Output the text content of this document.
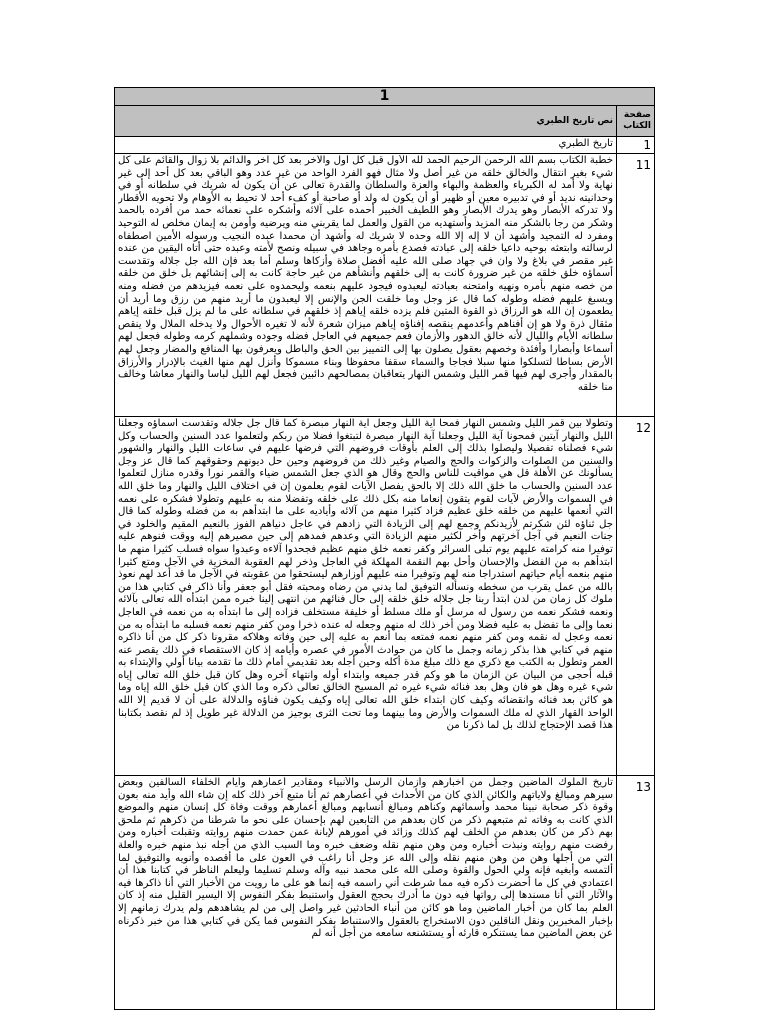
1	
صفحة الكتاب	نص تاريخ الطبري
1	تاريخ الطبري
11	خطبة الكتاب بسم الله الرحمن الرحيم الحمد لله الأول قبل كل أول والآخر بعد كل آخر والدائم بلا زوال والقائم على كل شيء بغير انتقال والخالق خلقه من غير أصل ولا مثال فهو الفرد الواحد من غير عدد وهو الباقي بعد كل أحد إلى غير نهاية ولا أمد له الكبرياء والعظمة والبهاء والعزة والسلطان والقدرة تعالى عن أن يكون له شريك في سلطانه أو في وحدانيته نديد أو في تدبيره معين أو ظهير أو أن يكون له ولد أو صاحبة أو كفء أحد لا تحيط به الأوهام ولا تحويه الأقطار ولا تدركه الأبصار وهو يدرك الأبصار وهو اللطيف الخبير أحمده على آلائه وأشكره على نعمائه حمد من أفرده بالحمد وشكر من رجا بالشكر منه المزيد وأستهديه من القول والعمل لما يقربني منه ويرضيه وأومن به إيمان مخلص له التوحيد ومفرد له التمجيد وأشهد أن لا إله إلا الله وحده لا شريك له وأشهد أن محمدا عبده النجيب ورسوله الأمين اصطفاه لرسالته وابتعثه بوحيه داعيا خلقه إلى عبادته فصدع بأمره وجاهد في سبيله ونصح لأمته وعبده حتى أتاه اليقين من عنده غير مقصر في بلاغ ولا وان في جهاد صلى الله عليه أفضل صلاة وأزكاها وسلم أما بعد فإن الله جل جلاله وتقدست أسماؤه خلق خلقه من غير ضرورة كانت به إلى خلقهم وأنشأهم من غير حاجة كانت به إلى إنشائهم بل خلق من خلقه من خصه منهم بأمره ونهيه وامتحنه بعبادته ليعبدوه فيجود عليهم بنعمه وليحمدوه على نعمه فيزيدهم من فضله ومنه ويسبغ عليهم فضله وطوله كما قال عز وجل وما خلقت الجن والإنس إلا ليعبدون ما أريد منهم من رزق وما أريد أن يطعمون إن الله هو الرزاق ذو القوة المتين فلم يزده خلقه إياهم إذ خلقهم في سلطانه على ما لم يزل قبل خلقه إياهم مثقال ذرة ولا هو إن أفناهم وأعدمهم ينقصه إفناؤه إياهم ميزان شعرة لأنه لا تغيره الأحوال ولا يدخله الملال ولا ينقص سلطانه الأيام والليال لأنه خالق الدهور والأزمان فعم جميعهم في العاجل فضله وجوده وشملهم كرمه وطوله فجعل لهم أسماعا وأبصارا وأفئدة وخصهم بعقول يصلون بها إلى التمييز بين الحق والباطل ويعرفون بها المنافع والمضار وجعل لهم الأرض بساطا لتسلكوا منها سبلا فجاجا والسماء سقفا محفوظا وبناء مسموكا وأنزل لهم منها الغيث بالإدرار والأرزاق بالمقدار وأجرى لهم فيها قمر الليل وشمس النهار يتعاقبان بمصالحهم دائبين فجعل لهم الليل لباسا والنهار معاشا وخالف منا خلقه

12	وتطولا بين قمر الليل وشمس النهار فمحا آية الليل وجعل آية النهار مبصرة كما قال جل جلاله وتقدست أسماؤه وجعلنا الليل والنهار آيتين فمحونا آية الليل وجعلنا آية النهار مبصرة لتبتغوا فضلا من ربكم ولتعلموا عدد السنين والحساب وكل شيء فصلناه تفصيلا وليصلوا بذلك إلى العلم بأوقات فروضهم التي فرضها عليهم في ساعات الليل والنهار والشهور والسنين من الصلوات والزكوات والحج والصيام وغير ذلك من فروضهم وحين حل ديونهم وحقوقهم كما قال عز وجل يسألونك عن الأهلة قل هي مواقيت للناس والحج وقال هو الذي جعل الشمس ضياء والقمر نورا وقدره منازل لتعلموا عدد السنين والحساب ما خلق الله ذلك إلا بالحق يفصل الآيات لقوم يعلمون إن في اختلاف الليل والنهار وما خلق الله في السموات والأرض لآيات لقوم يتقون إنعاما منه بكل ذلك على خلقه وتفضلا منه به عليهم وتطولا فشكره على نعمه التي أنعمها عليهم من خلقه خلق عظيم فزاد كثيرا منهم من آلائه وأياديه على ما ابتدأهم به من فضله وطوله كما قال جل ثناؤه لئن شكرتم لأزيدنكم وجمع لهم إلى الزيادة التي زادهم في عاجل دنياهم الفوز بالنعيم المقيم والخلود في جنات النعيم في آجل آخرتهم وأخر لكثير منهم الزيادة التي وعدهم فمدهم إلى حين مصيرهم إليه ووقت فنوهم عليه توفيرا منه كرامته عليهم يوم تبلى السرائر وكفر نعمه خلق منهم عظيم فجحدوا آلاءه وعبدوا سواه فسلب كثيرا منهم ما ابتدأهم به من الفضل والإحسان وأحل بهم النقمة المهلكة في العاجل وذخر لهم العقوبة المخزية في الآجل ومتع كثيرا منهم بنعمه أيام حياتهم استدراجا منه لهم وتوفيرا منه عليهم أوزارهم ليستحقوا من عقوبته في الآجل ما قد أعد لهم نعوذ بالله من عمل يقرب من سخطه ونسأله التوفيق لما يدني من رضاه ومحبته فقل أبو جعفر وأنا ذاكر في كتابي هذا من ملوك كل زمان من لدن ابتدأ ربنا جل جلاله خلق خلقه إلى حال فنائهم من انتهى إلينا خبره ممن ابتدأه الله تعالى بآلائه ونعمه فشكر نعمه من رسول له مرسل أو ملك مسلط أو خليفة مستخلف فزاده إلى ما ابتدأه به من نعمه في العاجل نعما وإلى ما تفضل به عليه فضلا ومن أخر ذلك له منهم وجعله له عنده ذخرا ومن كفر منهم نعمه فسلبه ما ابتدأه به من نعمه وعجل له نقمه ومن كفر منهم نعمه فمتعه بما أنعم به عليه إلى حين وفاته وهلاكه مقرونا ذكر كل من أنا ذاكره منهم في كتابي هذا بذكر زمانه وجمل ما كان من حوادث الأمور في عصره وأيامه إذ كان الاستقصاء في ذلك يقصر عنه العمر وتطول به الكتب مع ذكري مع ذلك مبلغ مدة أكله وحين أجله بعد تقديمي أمام ذلك ما تقدمه بيانا أولي والإبتداء به قبله أحجى من البيان عن الزمان ما هو وكم قدر جميعه وابتداء أوله وانتهاء آخره وهل كان قبل خلق الله تعالى إياه شيء غيره وهل هو فان وهل بعد فنائه شيء غيره ثم المسيح الخالق تعالى ذكره وما الذي كان قبل خلق الله إياه وما هو كائن بعد فنائه وانقضائه وكيف كان ابتداء خلق الله تعالى إياه وكيف يكون فناؤه والدلالة على أن لا قديم إلا الله الواحد القهار الذي له ملك السموات والأرض وما بينهما وما تحت الثرى بوجيز من الدلالة غير طويل إذ لم نقصد بكتابنا هذا قصد الإحتجاج لذلك بل لما ذكرنا من

13	تاريخ الملوك الماضين وجمل من أخبارهم وأزمان الرسل والأنبياء ومقادير أعمارهم وأيام الخلفاء السالفين وبعض سيرهم ومبالغ ولاياتهم والكائن الذي كان من الأحداث في أعصارهم ثم أنا متبع آخر ذلك كله إن شاء الله وأيد منه بعون وقوة ذكر صحابة نبينا محمد وأسمائهم وكناهم ومبالغ أنسابهم ومبالغ أعمارهم ووقت وفاة كل إنسان منهم والموضع الذي كانت به وفاته ثم متبعهم ذكر من كان بعدهم من التابعين لهم بإحسان على نحو ما شرطنا من ذكرهم ثم ملحق بهم ذكر من كان بعدهم من الخلف لهم كذلك وزائد في أمورهم لإبانة عمن حمدت منهم روايته وتقبلت أخباره ومن رفضت منهم روايته ونبذت أخباره ومن وهن منهم نقله وضعف خبره وما السبب الذي من أجله نبذ منهم خبره والعلة التي من أجلها وهن من وهن منهم نقله وإلى الله عز وجل أنا راغب في العون على ما أقصده وأنويه والتوفيق لما ألتمسه وأبغيه فإنه ولي الحول والقوة وصلى الله على محمد نبيه وآله وسلم تسليما وليعلم الناظر في كتابنا هذا أن اعتمادي في كل ما أحضرت ذكره فيه مما شرطت أني راسمه فيه إنما هو على ما رويت من الأخبار التي أنا ذاكرها فيه والآثار التي أنا مسندها إلى رواتها فيه دون ما أدرك بحجج العقول واستنبط بفكر النفوس إلا اليسير القليل منه إذ كان العلم بما كان من أخبار الماضين وما هو كائن من أنباء الحادثين غير واصل إلى من لم يشاهدهم ولم يدرك زمانهم إلا بإخبار المخبرين ونقل الناقلين دون الاستخراج بالعقول والاستنباط بفكر النفوس فما يكن في كتابي هذا من خبر ذكرناه عن بعض الماضين مما يستنكره قارئه أو يستشنعه سامعه من أجل أنه لم
